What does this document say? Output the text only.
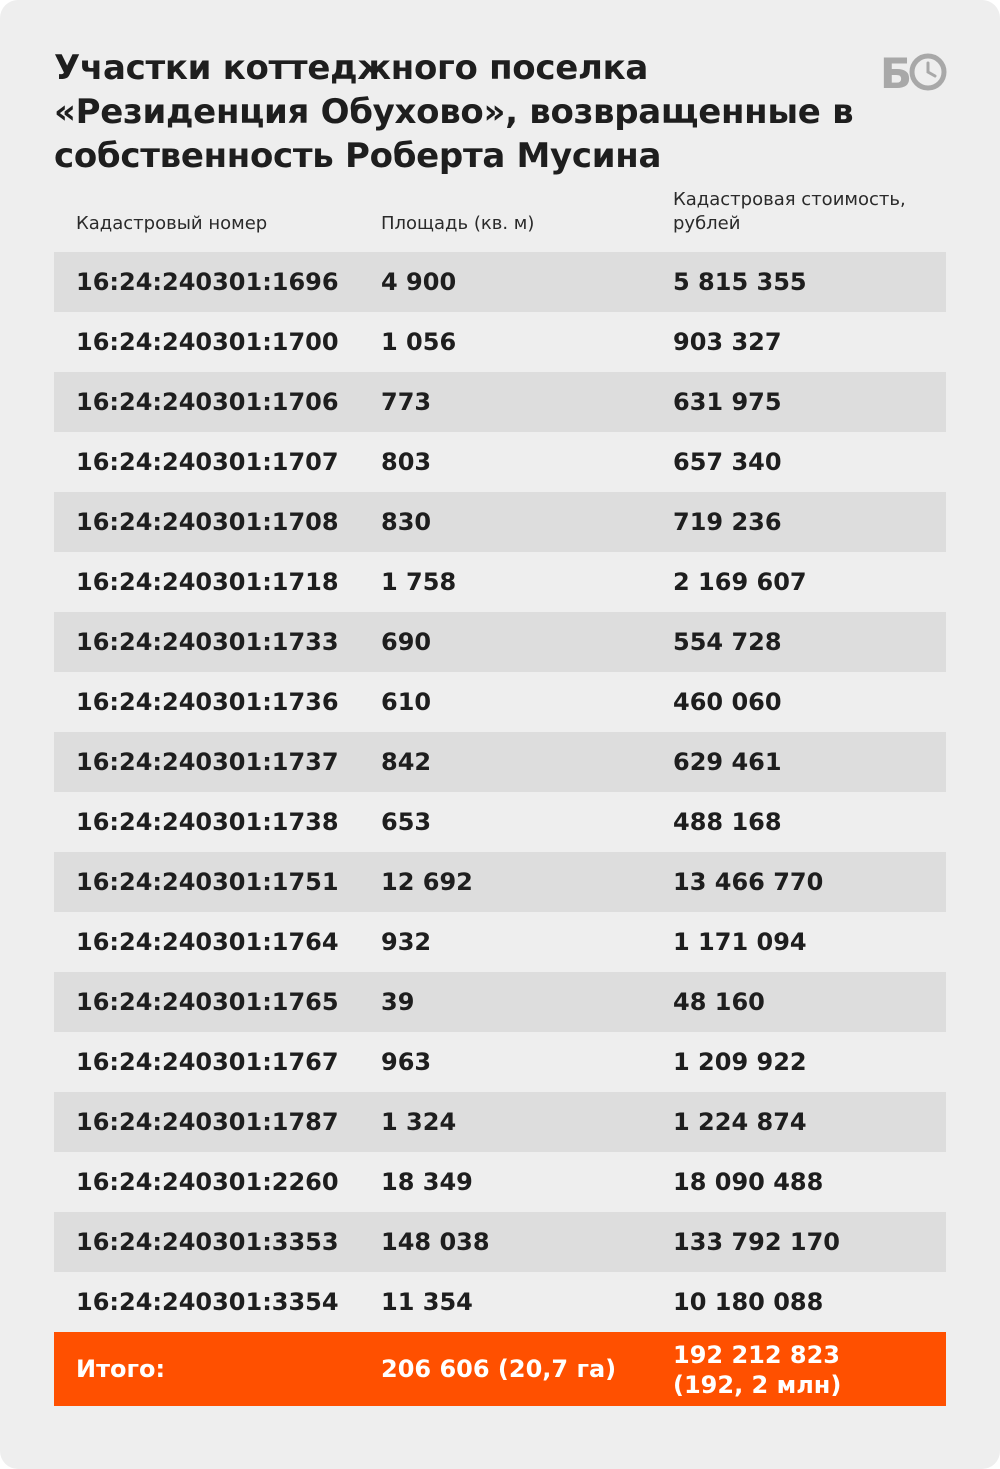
Участки коттеджного поселка «Резиденция Обухово», возвращенные в собственность Роберта Мусина
Б
Кадастровый номер	Площадь (кв. м)
Кадастровая стоимость, рублей
16:24:240301:1696 4 900	5 815 355
16:24:240301:1700 1 056	903 327
16:24:240301:1706 773	631 975
16:24:240301:1707 803	657 340
16:24:240301:1708 830	719 236
16:24:240301:1718 1 758	2 169 607
16:24:240301:1733 690	554 728
16:24:240301:1736 610	460 060
16:24:240301:1737 842	629 461
16:24:240301:1738 653	488 168
16:24:240301:1751 12 692	13 466 770
16:24:240301:1764 932	1 171 094
16:24:240301:1765 39	48 160
16:24:240301:1767 963	1 209 922
16:24:240301:1787 1 324	1 224 874
16:24:240301:2260 18 349	18 090 488
16:24:240301:3353 148 038	133 792 170
16:24:240301:3354 11 354	10 180 088
Итого:	206 606 (20,7 га) 192 212 823
(192, 2 млн)
